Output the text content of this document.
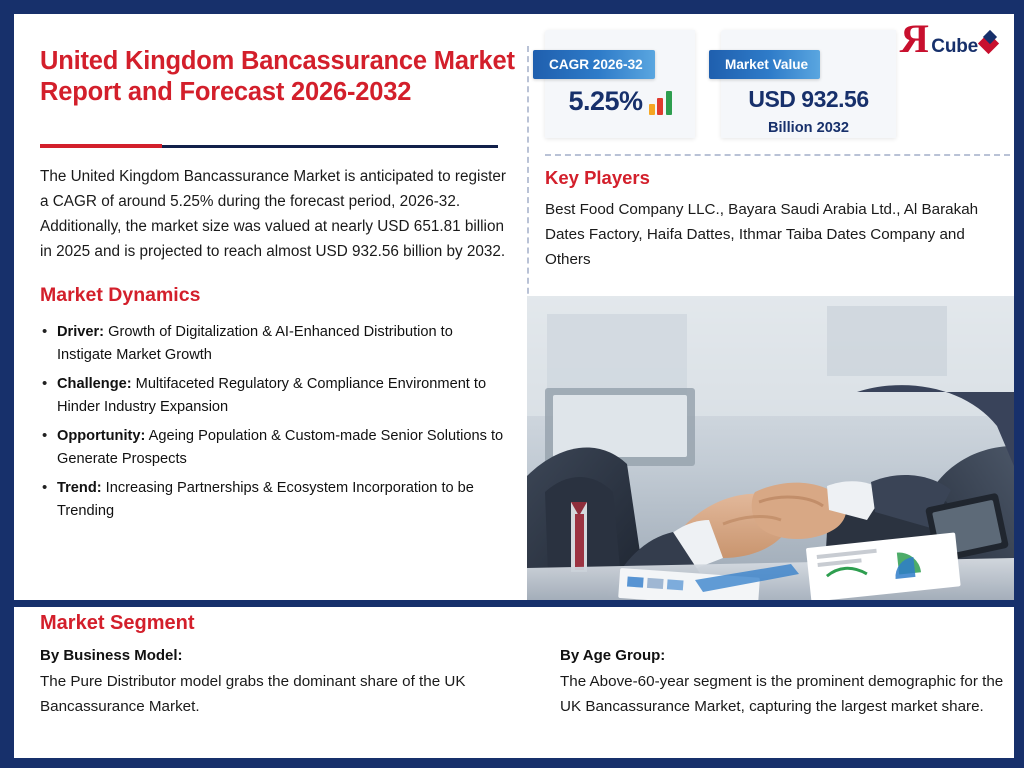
R Cube
United Kingdom Bancassurance Market Report and Forecast 2026-2032
The United Kingdom Bancassurance Market is anticipated to register a CAGR of around 5.25% during the forecast period, 2026-32. Additionally, the market size was valued at nearly USD 651.81 billion in 2025 and is projected to reach almost USD 932.56 billion by 2032.
Market Dynamics
• Driver: Growth of Digitalization & AI-Enhanced Distribution to Instigate Market Growth
• Challenge: Multifaceted Regulatory & Compliance Environment to Hinder Industry Expansion
• Opportunity: Ageing Population & Custom-made Senior Solutions to Generate Prospects
• Trend: Increasing Partnerships & Ecosystem Incorporation to be Trending
CAGR 2026-32
5.25%
Market Value
USD 932.56
Billion 2032
Key Players
Best Food Company LLC., Bayara Saudi Arabia Ltd., Al Barakah Dates Factory, Haifa Dattes, Ithmar Taiba Dates Company and Others
Market Segment
By Business Model:
The Pure Distributor model grabs the dominant share of the UK Bancassurance Market.
By Age Group:
The Above-60-year segment is the prominent demographic for the UK Bancassurance Market, capturing the largest market share.
